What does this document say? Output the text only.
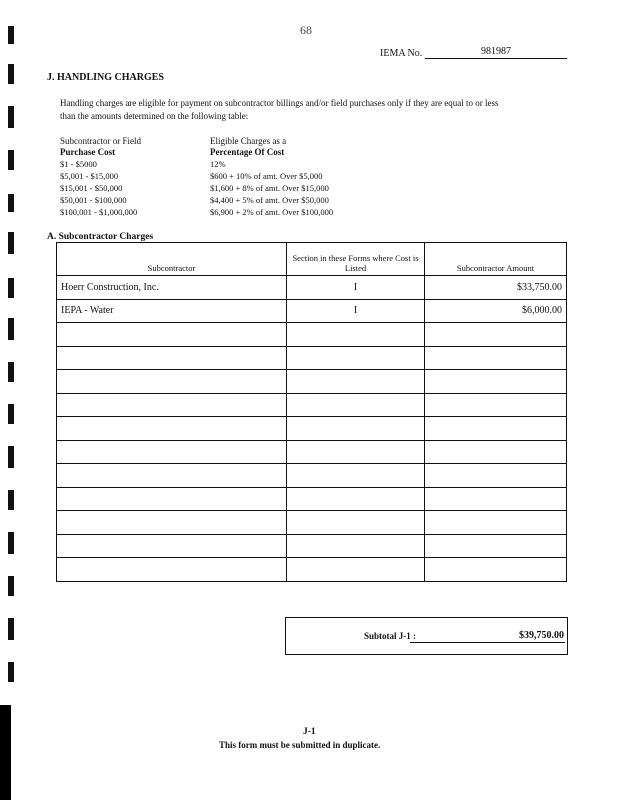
68
IEMA No.	981987
J. HANDLING CHARGES
Handling charges are eligible for payment on subcontractor billings and/or field purchases only if they are equal to or less than the amounts determined on the following table:
Subcontractor or Field
Purchase Cost
Eligible Charges as a
Percentage Of Cost
$1 - $5000	12%
$5,001 - $15,000	$600 + 10% of amt. Over $5,000
$15,001 - $50,000	$1,600 + 8% of amt. Over $15,000
$50,001 - $100,000	$4,400 + 5% of amt. Over $50,000
$100,001 - $1,000,000	$6,900 + 2% of amt. Over $100,000
A. Subcontractor Charges
Subcontractor	Section in these Forms where Cost is Listed	Subcontractor Amount
Hoerr Construction, Inc.	I	$33,750.00
IEPA - Water	I	$6,000.00

Subtotal J-1 :	$39,750.00
J-1
This form must be submitted in duplicate.
